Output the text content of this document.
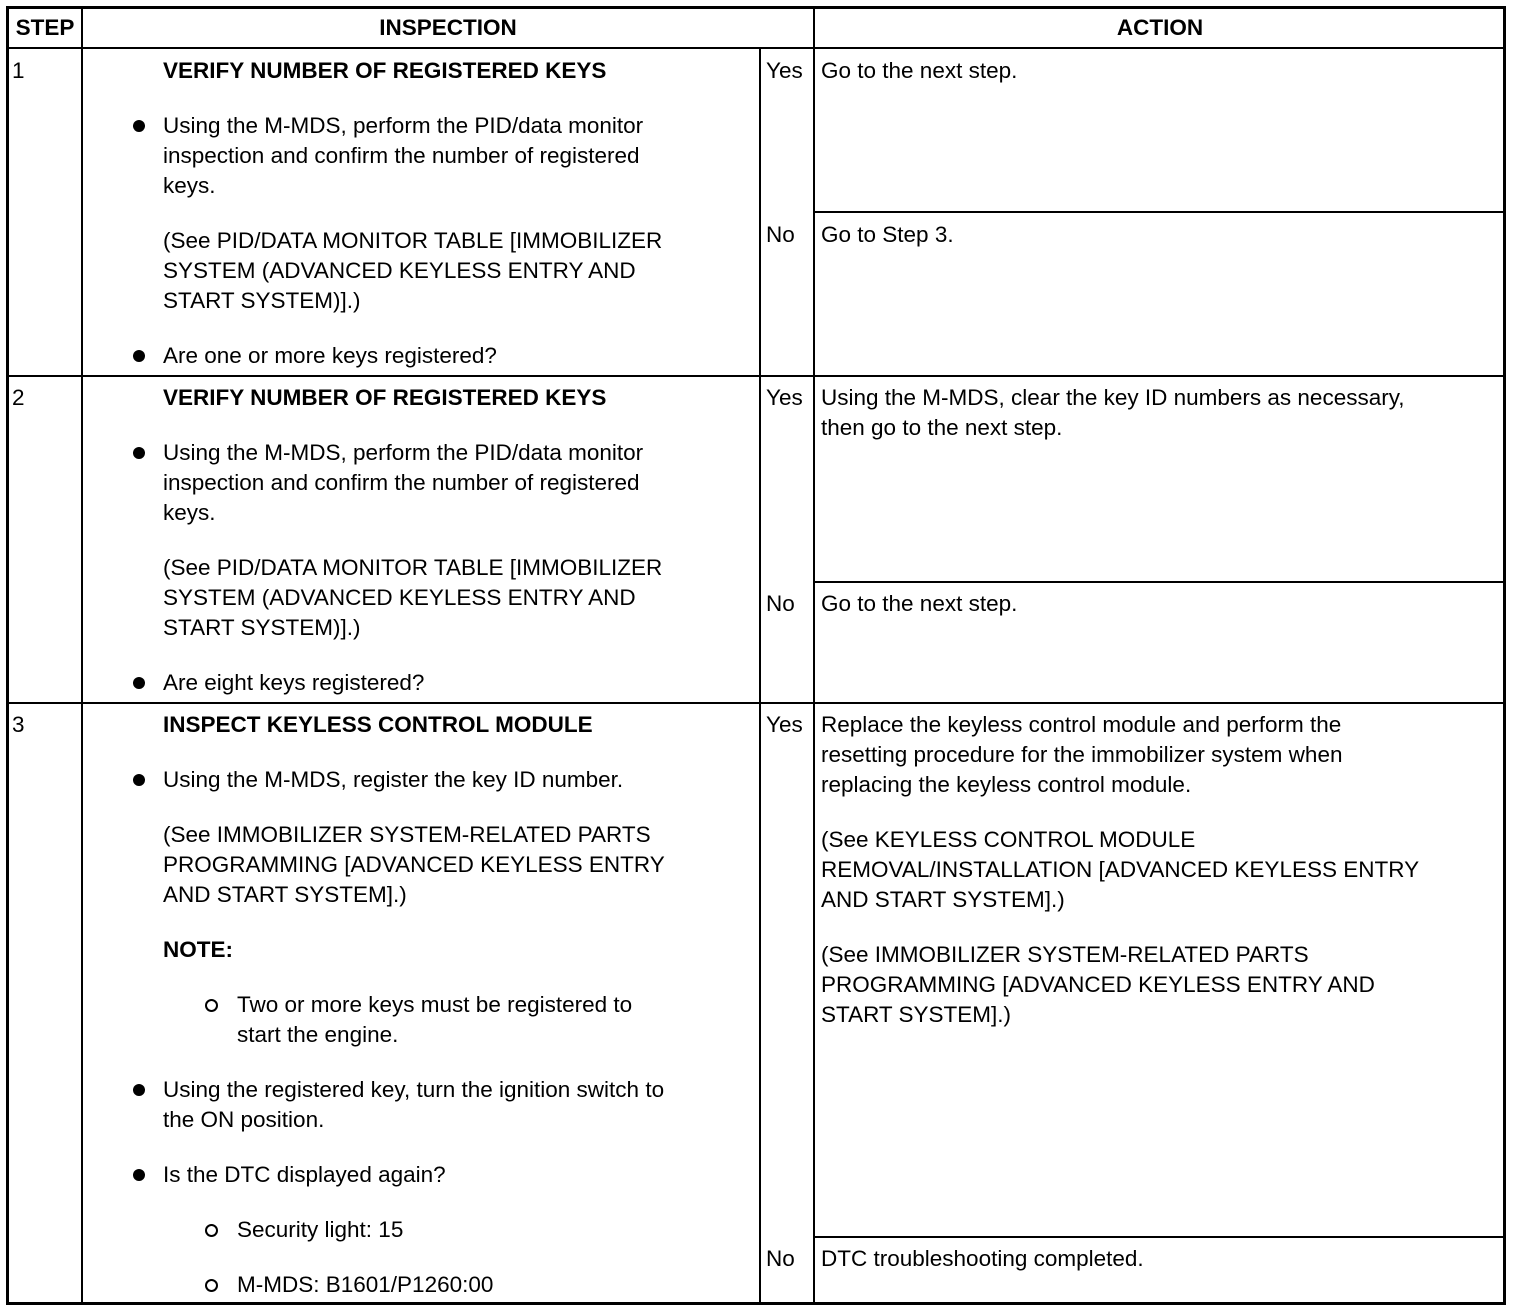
STEP	INSPECTION	ACTION
1	VERIFY NUMBER OF REGISTERED KEYS
Using the M-MDS, perform the PID/data monitor
inspection and confirm the number of registered
keys.
(See PID/DATA MONITOR TABLE [IMMOBILIZER
SYSTEM (ADVANCED KEYLESS ENTRY AND
START SYSTEM)].)
Are one or more keys registered?
Yes Go to the next step.
No Go to Step 3.
2	VERIFY NUMBER OF REGISTERED KEYS
Using the M-MDS, perform the PID/data monitor
inspection and confirm the number of registered
keys.
(See PID/DATA MONITOR TABLE [IMMOBILIZER
SYSTEM (ADVANCED KEYLESS ENTRY AND
START SYSTEM)].)
Are eight keys registered?
Yes Using the M-MDS, clear the key ID numbers as necessary,
then go to the next step.
No Go to the next step.
3	INSPECT KEYLESS CONTROL MODULE
Using the M-MDS, register the key ID number.
(See IMMOBILIZER SYSTEM-RELATED PARTS
PROGRAMMING [ADVANCED KEYLESS ENTRY
AND START SYSTEM].)
NOTE:
Two or more keys must be registered to
start the engine.
Using the registered key, turn the ignition switch to
the ON position.
Is the DTC displayed again?
Security light: 15
M-MDS: B1601/P1260:00
Yes Replace the keyless control module and perform the
resetting procedure for the immobilizer system when
replacing the keyless control module.
(See KEYLESS CONTROL MODULE
REMOVAL/INSTALLATION [ADVANCED KEYLESS ENTRY
AND START SYSTEM].)
(See IMMOBILIZER SYSTEM-RELATED PARTS
PROGRAMMING [ADVANCED KEYLESS ENTRY AND
START SYSTEM].)
No DTC troubleshooting completed.
